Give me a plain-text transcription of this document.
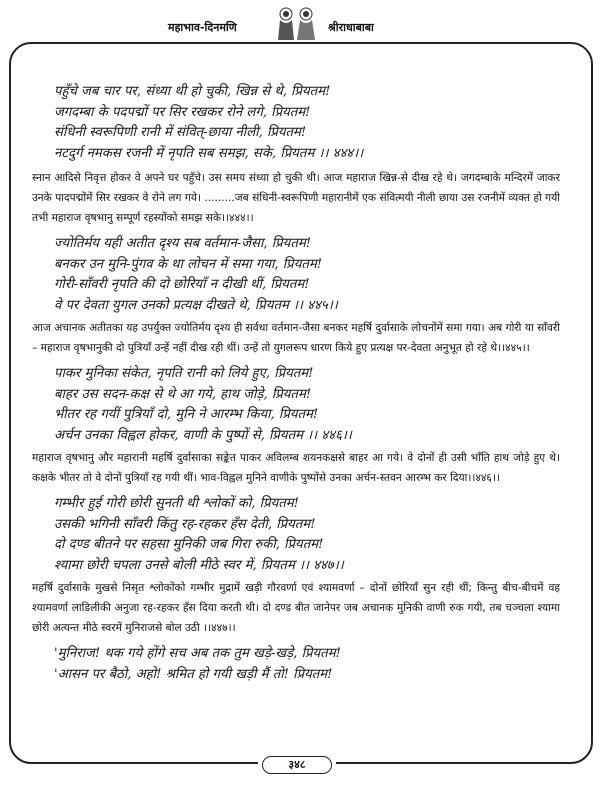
महाभाव-दिनमणि	श्रीराधाबाबा
पहुँचे जब चार पर, संध्या थी हो चुकी, खिन्न से थे, प्रियतम!
जगदम्बा के पदपद्मों पर सिर रखकर रोने लगे, प्रियतम!
संधिनी स्वरूपिणी रानी में संवित्-छाया नीली, प्रियतम!
नटदुर्ग नमकस रजनी में नृपति सब समझ, सके, प्रियतम ।। ४४४।।

स्नान आदिसे निवृत्त होकर वे अपने घर पहुँचे। उस समय संध्या हो चुकी थी। आज महाराज खिन्न-से दीख रहे थे। जगदम्बाके मन्दिरमें जाकर उनके पादपद्मोंमें सिर रखकर वे रोने लग गये। .........जब संधिनी-स्वरूपिणी महारानीमें एक संवित्मयी नीली छाया उस रजनीमें व्यक्त हो गयी तभी महाराज वृषभानु सम्पूर्ण रहस्योंको समझ सके।।४४४।।

ज्योतिर्मय यही अतीत दृश्य सब वर्तमान-जैसा, प्रियतम!
बनकर उन मुनि-पुंगव के था लोचन में समा गया, प्रियतम!
गोरी-साँवरी नृपति की दो छोरियाँ न दीखी थीं, प्रियतम!
वे पर देवता युगल उनको प्रत्यक्ष दीखते थे, प्रियतम ।। ४४५।।

आज अचानक अतीतका यह उपर्युक्त ज्योतिर्मय दृश्य ही सर्वथा वर्तमान-जैसा बनकर महर्षि दुर्वासाके लोचनोंमें समा गया। अब गोरी या साँवरी – महाराज वृषभानुकी दो पुत्रियाँ उन्हें नहीं दीख रही थीं। उन्हें तो युगलरूप धारण किये हुए प्रत्यक्ष पर-देवता अनुभूत हो रहे थे।।४४५।।

पाकर मुनिका संकेत, नृपति रानी को लिये हुए, प्रियतम!
बाहर उस सदन-कक्ष से थे आ गये, हाथ जोड़े, प्रियतम!
भीतर रह गयीं पुत्रियाँ दो, मुनि ने आरम्भ किया, प्रियतम!
अर्चन उनका विह्वल होकर, वाणी के पुष्पों से, प्रियतम ।। ४४६।।

महाराज वृषभानु और महारानी महर्षि दुर्वासाका सङ्केत पाकर अविलम्ब शयनकक्षसे बाहर आ गये। वे दोनों ही उसी भाँति हाथ जोड़े हुए थे। कक्षके भीतर तो वे दोनों पुत्रियाँ रह गयी थीं। भाव-विह्वल मुनिने वाणीके पुष्पोंसे उनका अर्चन-स्तवन आरम्भ कर दिया।।४४६।।

गम्भीर हुई गोरी छोरी सुनती थी श्लोकों को, प्रियतम!
उसकी भगिनी साँवरी किंतु रह-रहकर हँस देती, प्रियतम!
दो दण्ड बीतने पर सहसा मुनिकी जब गिरा रुकी, प्रियतम!
श्यामा छोरी चपला उनसे बोली मीठे स्वर में, प्रियतम ।। ४४७।।

महर्षि दुर्वासाके मुखसे निसृत श्लोकोंको गम्भीर मुद्रामें खड़ी गौरवर्णा एवं श्यामवर्णा – दोनों छोरियाँ सुन रही थीं; किन्तु बीच-बीचमें वह श्यामवर्णा लाडिलीकी अनुजा रह-रहकर हँस दिया करती थी। दो दण्ड बीत जानेपर जब अचानक मुनिकी वाणी रुक गयी, तब चञ्चला श्यामा छोरी अत्यन्त मीठे स्वरमें मुनिराजसे बोल उठी ।।४४७।।

'मुनिराज! थक गये होंगे सच अब तक तुम खड़े-खड़े, प्रियतम!
'आसन पर बैठो, अहो! श्रमित हो गयी खड़ी मैं तो! प्रियतम!
३४८
